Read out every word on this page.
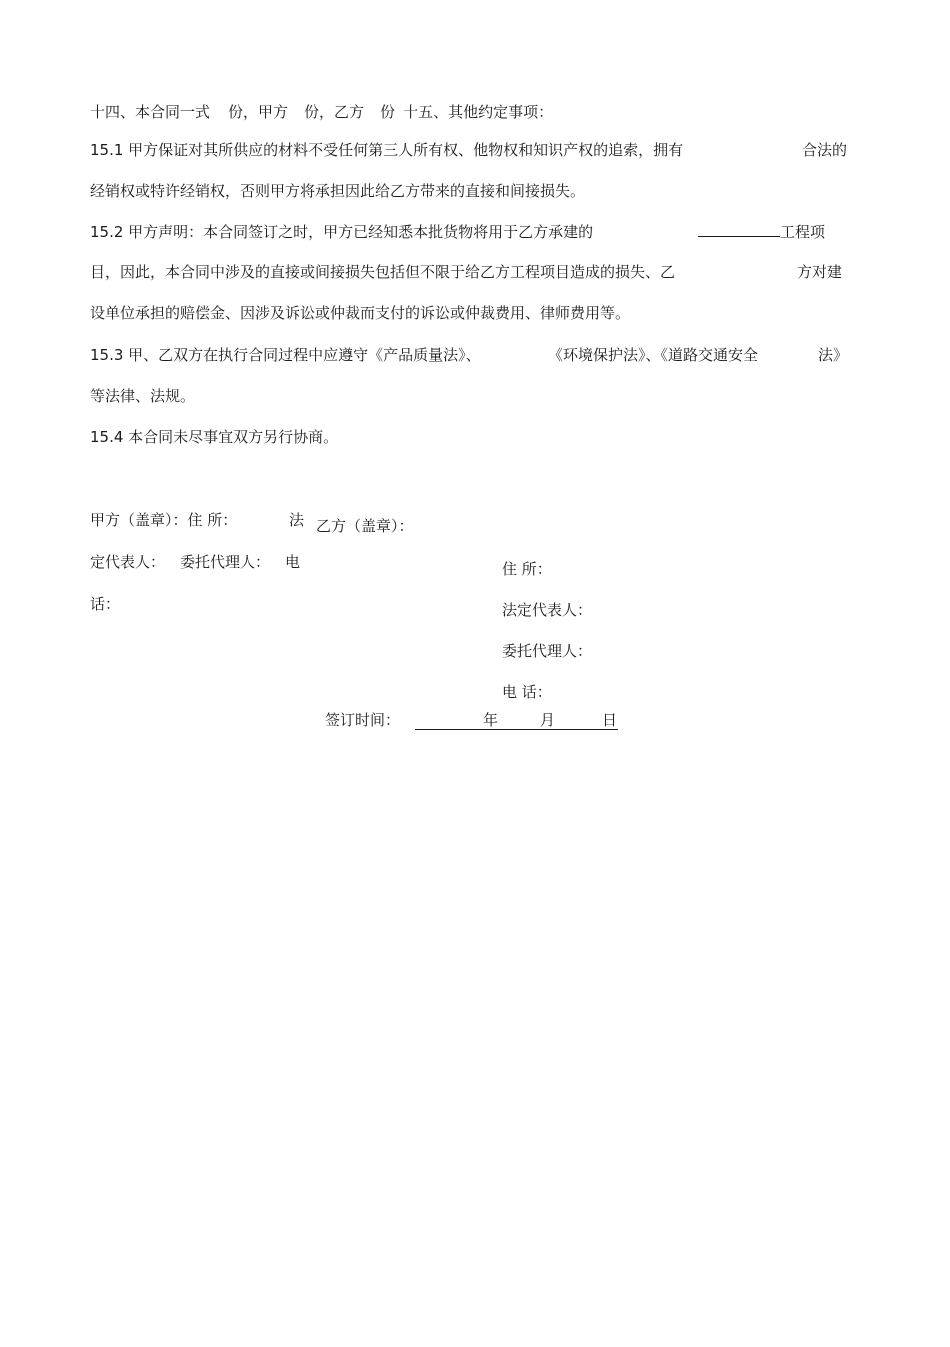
十四、本合同一式 份，甲方 份，乙方 份 十五、其他约定事项：
15.1 甲方保证对其所供应的材料不受任何第三人所有权、他物权和知识产权的追索，拥有	合法的
经销权或特许经销权，否则甲方将承担因此给乙方带来的直接和间接损失。
15.2 甲方声明：本合同签订之时，甲方已经知悉本批货物将用于乙方承建的	工程项
目，因此，本合同中涉及的直接或间接损失包括但不限于给乙方工程项目造成的损失、乙	方对建
设单位承担的赔偿金、因涉及诉讼或仲裁而支付的诉讼或仲裁费用、律师费用等。
15.3 甲、乙双方在执行合同过程中应遵守《产品质量法》、	《环境保护法》、《道路交通安全	法》
等法律、法规。
15.4 本合同未尽事宜双方另行协商。
甲方（盖章）：住 所：	法
定代表人： 委托代理人： 电
话：
乙方（盖章）：
住 所：
法定代表人：
委托代理人：
电 话：
签订时间：	年	月	日
